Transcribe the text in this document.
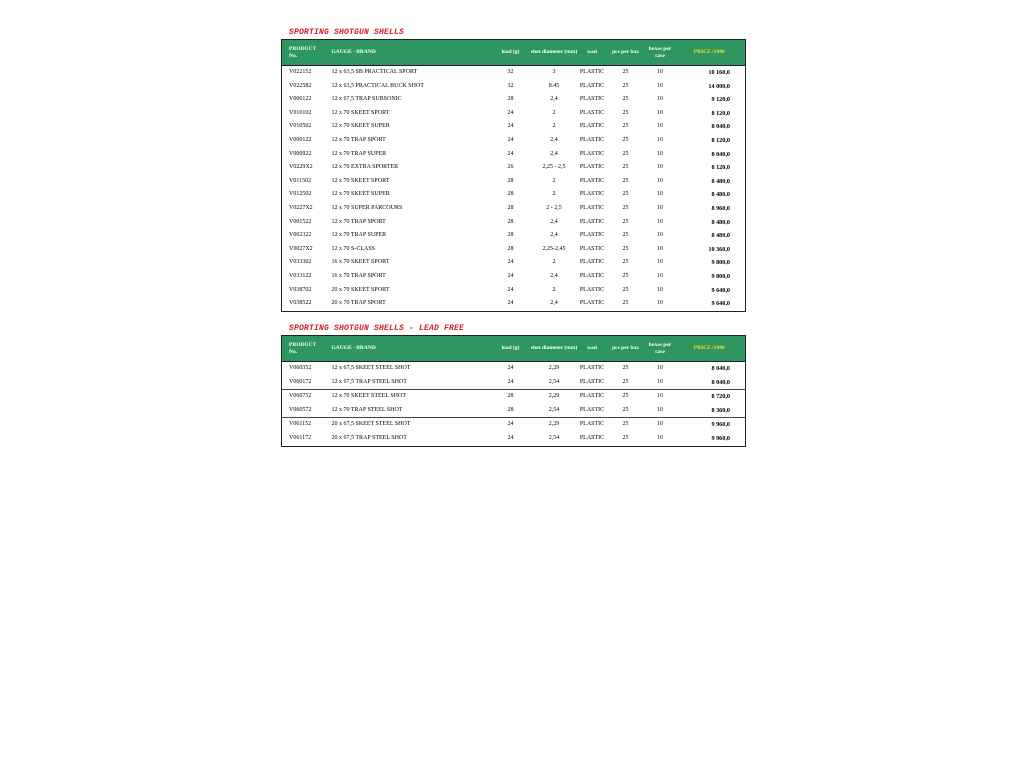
SPORTING SHOTGUN SHELLS
PRODUCT No.	GAUGE - BRAND	load (g)	shot diameter (mm)	wad	pcs per box	boxes per case	PRICE /1000
V022152	12 x 63,5 SB PRACTICAL SPORT	32	3	PLASTIC	25	10	10 160,0
V022582	12 x 63,5 PRACTICAL BUCK SHOT	32	8.45	PLASTIC	25	10	14 000,0
V006122	12 x 67,5 TRAP SUBSONIC	28	2,4	PLASTIC	25	10	9 120,0
V010102	12 x 70 SKEET SPORT	24	2	PLASTIC	25	10	8 120,0
V010502	12 x 70 SKEET SUPER	24	2	PLASTIC	25	10	8 040,0
V000122	12 x 70 TRAP SPORT	24	2,4	PLASTIC	25	10	8 120,0
V000922	12 x 70 TRAP SUPER	24	2,4	PLASTIC	25	10	8 040,0
V0229X2	12 x 70 EXTRA SPORTER	26	2,25 - 2,5	PLASTIC	25	10	8 120,0
V011502	12 x 70 SKEET SPORT	28	2	PLASTIC	25	10	8 480,0
V012502	12 x 70 SKEET SUPER	28	2	PLASTIC	25	10	8 480,0
V0227X2	12 x 70 SUPER PARCOURS	28	2 - 2,5	PLASTIC	25	10	8 960,0
V001522	12 x 70 TRAP SPORT	28	2,4	PLASTIC	25	10	8 480,0
V002322	12 x 70 TRAP SUPER	28	2,4	PLASTIC	25	10	8 480,0
V0027X2	12 x 70 S-CLASS	28	2,25-2,45	PLASTIC	25	10	10 360,0
V033302	16 x 70 SKEET SPORT	24	2	PLASTIC	25	10	9 800,0
V033122	16 x 70 TRAP SPORT	24	2,4	PLASTIC	25	10	9 800,0
V038702	20 x 70 SKEET SPORT	24	2	PLASTIC	25	10	9 640,0
V038522	20 x 70 TRAP SPORT	24	2,4	PLASTIC	25	10	9 640,0
SPORTING SHOTGUN SHELLS - LEAD FREE
PRODUCT No.	GAUGE - BRAND	load (g)	shot diameter (mm)	wad	pcs per box	boxes per case	PRICE /1000
V060352	12 x 67,5 SKEET STEEL SHOT	24	2,29	PLASTIC	25	10	8 040,0
V060172	12 x 67,5 TRAP STEEL SHOT	24	2,54	PLASTIC	25	10	8 040,0
V060752	12 x 70 SKEET STEEL SHOT	28	2,29	PLASTIC	25	10	8 720,0
V060572	12 x 70 TRAP STEEL SHOT	28	2,54	PLASTIC	25	10	8 360,0
V061152	20 x 67,5 SKEET STEEL SHOT	24	2,29	PLASTIC	25	10	9 960,0
V061172	20 x 67,5 TRAP STEEL SHOT	24	2,54	PLASTIC	25	10	9 960,0
